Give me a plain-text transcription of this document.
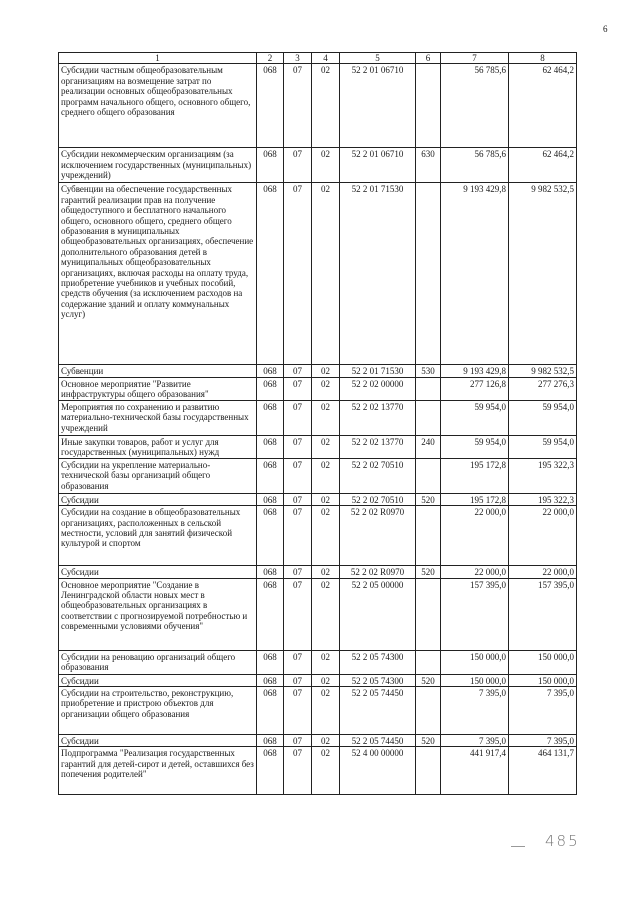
6
1	2	3	4	5	6	7	8
Субсидии частным общеобразовательным организациям на возмещение затрат по реализации основных общеобразовательных программ начального общего, основного общего, среднего общего образования	068	07	02	52 2 01 06710		56 785,6	62 464,2
Субсидии некоммерческим организациям (за исключением государственных (муниципальных) учреждений)	068	07	02	52 2 01 06710	630	56 785,6	62 464,2
Субвенции на обеспечение государственных гарантий реализации прав на получение общедоступного и бесплатного начального общего, основного общего, среднего общего образования в муниципальных общеобразовательных организациях, обеспечение дополнительного образования детей в муниципальных общеобразовательных организациях, включая расходы на оплату труда, приобретение учебников и учебных пособий, средств обучения (за исключением расходов на содержание зданий и оплату коммунальных услуг)	068	07	02	52 2 01 71530		9 193 429,8	9 982 532,5
Субвенции	068	07	02	52 2 01 71530	530	9 193 429,8	9 982 532,5
Основное мероприятие "Развитие инфраструктуры общего образования"	068	07	02	52 2 02 00000		277 126,8	277 276,3
Мероприятия по сохранению и развитию материально-технической базы государственных учреждений	068	07	02	52 2 02 13770		59 954,0	59 954,0
Иные закупки товаров, работ и услуг для государственных (муниципальных) нужд	068	07	02	52 2 02 13770	240	59 954,0	59 954,0
Субсидии на укрепление материально-технической базы организаций общего образования	068	07	02	52 2 02 70510		195 172,8	195 322,3
Субсидии	068	07	02	52 2 02 70510	520	195 172,8	195 322,3
Субсидии на создание в общеобразовательных организациях, расположенных в сельской местности, условий для занятий физической культурой и спортом	068	07	02	52 2 02 R0970		22 000,0	22 000,0
Субсидии	068	07	02	52 2 02 R0970	520	22 000,0	22 000,0
Основное мероприятие "Создание в Ленинградской области новых мест в общеобразовательных организациях в соответствии с прогнозируемой потребностью и современными условиями обучения"	068	07	02	52 2 05 00000		157 395,0	157 395,0
Субсидии на реновацию организаций общего образования	068	07	02	52 2 05 74300		150 000,0	150 000,0
Субсидии	068	07	02	52 2 05 74300	520	150 000,0	150 000,0
Субсидии на строительство, реконструкцию, приобретение и пристрою объектов для организации общего образования	068	07	02	52 2 05 74450		7 395,0	7 395,0
Субсидии	068	07	02	52 2 05 74450	520	7 395,0	7 395,0
Подпрограмма "Реализация государственных гарантий для детей-сирот и детей, оставшихся без попечения родителей"	068	07	02	52 4 00 00000		441 917,4	464 131,7
485
